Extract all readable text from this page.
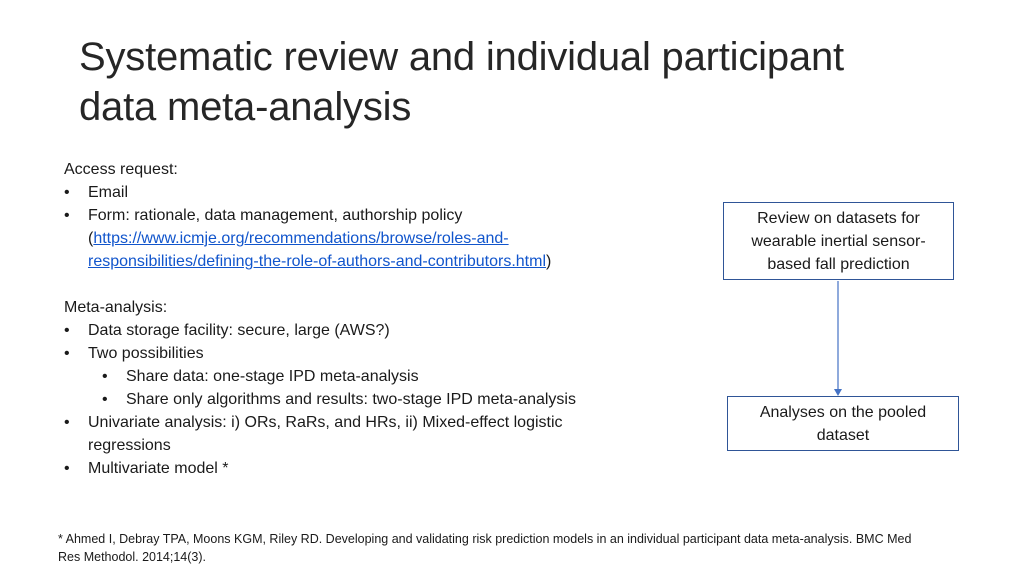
Systematic review and individual participant
data meta-analysis
Access request:
• Email
• Form: rationale, data management, authorship policy
(https://www.icmje.org/recommendations/browse/roles-and-
responsibilities/defining-the-role-of-authors-and-contributors.html)
Meta-analysis:
• Data storage facility: secure, large (AWS?)
• Two possibilities
• Share data: one-stage IPD meta-analysis
• Share only algorithms and results: two-stage IPD meta-analysis
• Univariate analysis: i) ORs, RaRs, and HRs, ii) Mixed-effect logistic
regressions
• Multivariate model *
Review on datasets for
wearable inertial sensor-
based fall prediction
Analyses on the pooled
dataset
* Ahmed I, Debray TPA, Moons KGM, Riley RD. Developing and validating risk prediction models in an individual participant data meta-analysis. BMC Med
Res Methodol. 2014;14(3).
